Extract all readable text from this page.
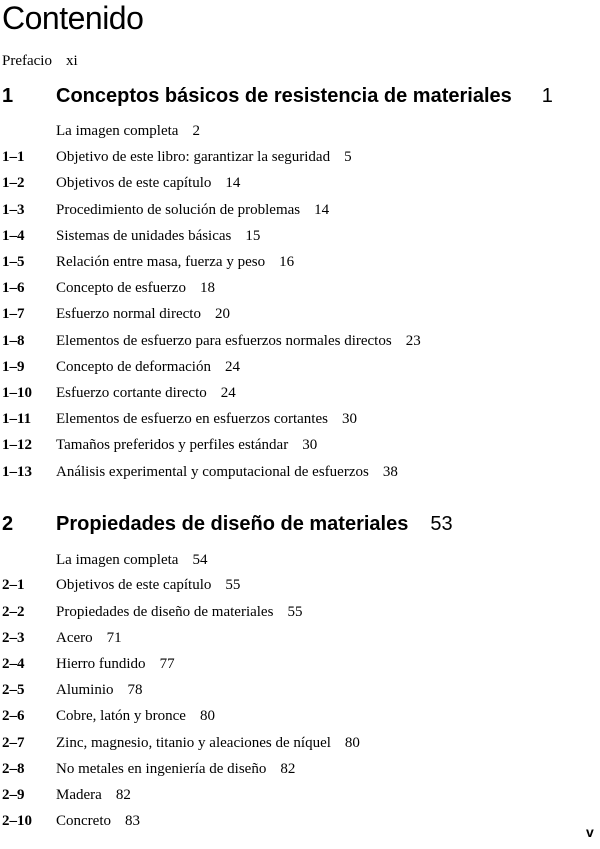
Contenido
Prefacio xi
1 Conceptos básicos de resistencia de materiales 1
La imagen completa 2
1–1 Objetivo de este libro: garantizar la seguridad 5
1–2 Objetivos de este capítulo 14
1–3 Procedimiento de solución de problemas 14
1–4 Sistemas de unidades básicas 15
1–5 Relación entre masa, fuerza y peso 16
1–6 Concepto de esfuerzo 18
1–7 Esfuerzo normal directo 20
1–8 Elementos de esfuerzo para esfuerzos normales directos 23
1–9 Concepto de deformación 24
1–10 Esfuerzo cortante directo 24
1–11 Elementos de esfuerzo en esfuerzos cortantes 30
1–12 Tamaños preferidos y perfiles estándar 30
1–13 Análisis experimental y computacional de esfuerzos 38
2 Propiedades de diseño de materiales 53
La imagen completa 54
2–1 Objetivos de este capítulo 55
2–2 Propiedades de diseño de materiales 55
2–3 Acero 71
2–4 Hierro fundido 77
2–5 Aluminio 78
2–6 Cobre, latón y bronce 80
2–7 Zinc, magnesio, titanio y aleaciones de níquel 80
2–8 No metales en ingeniería de diseño 82
2–9 Madera 82
2–10 Concreto 83
v
